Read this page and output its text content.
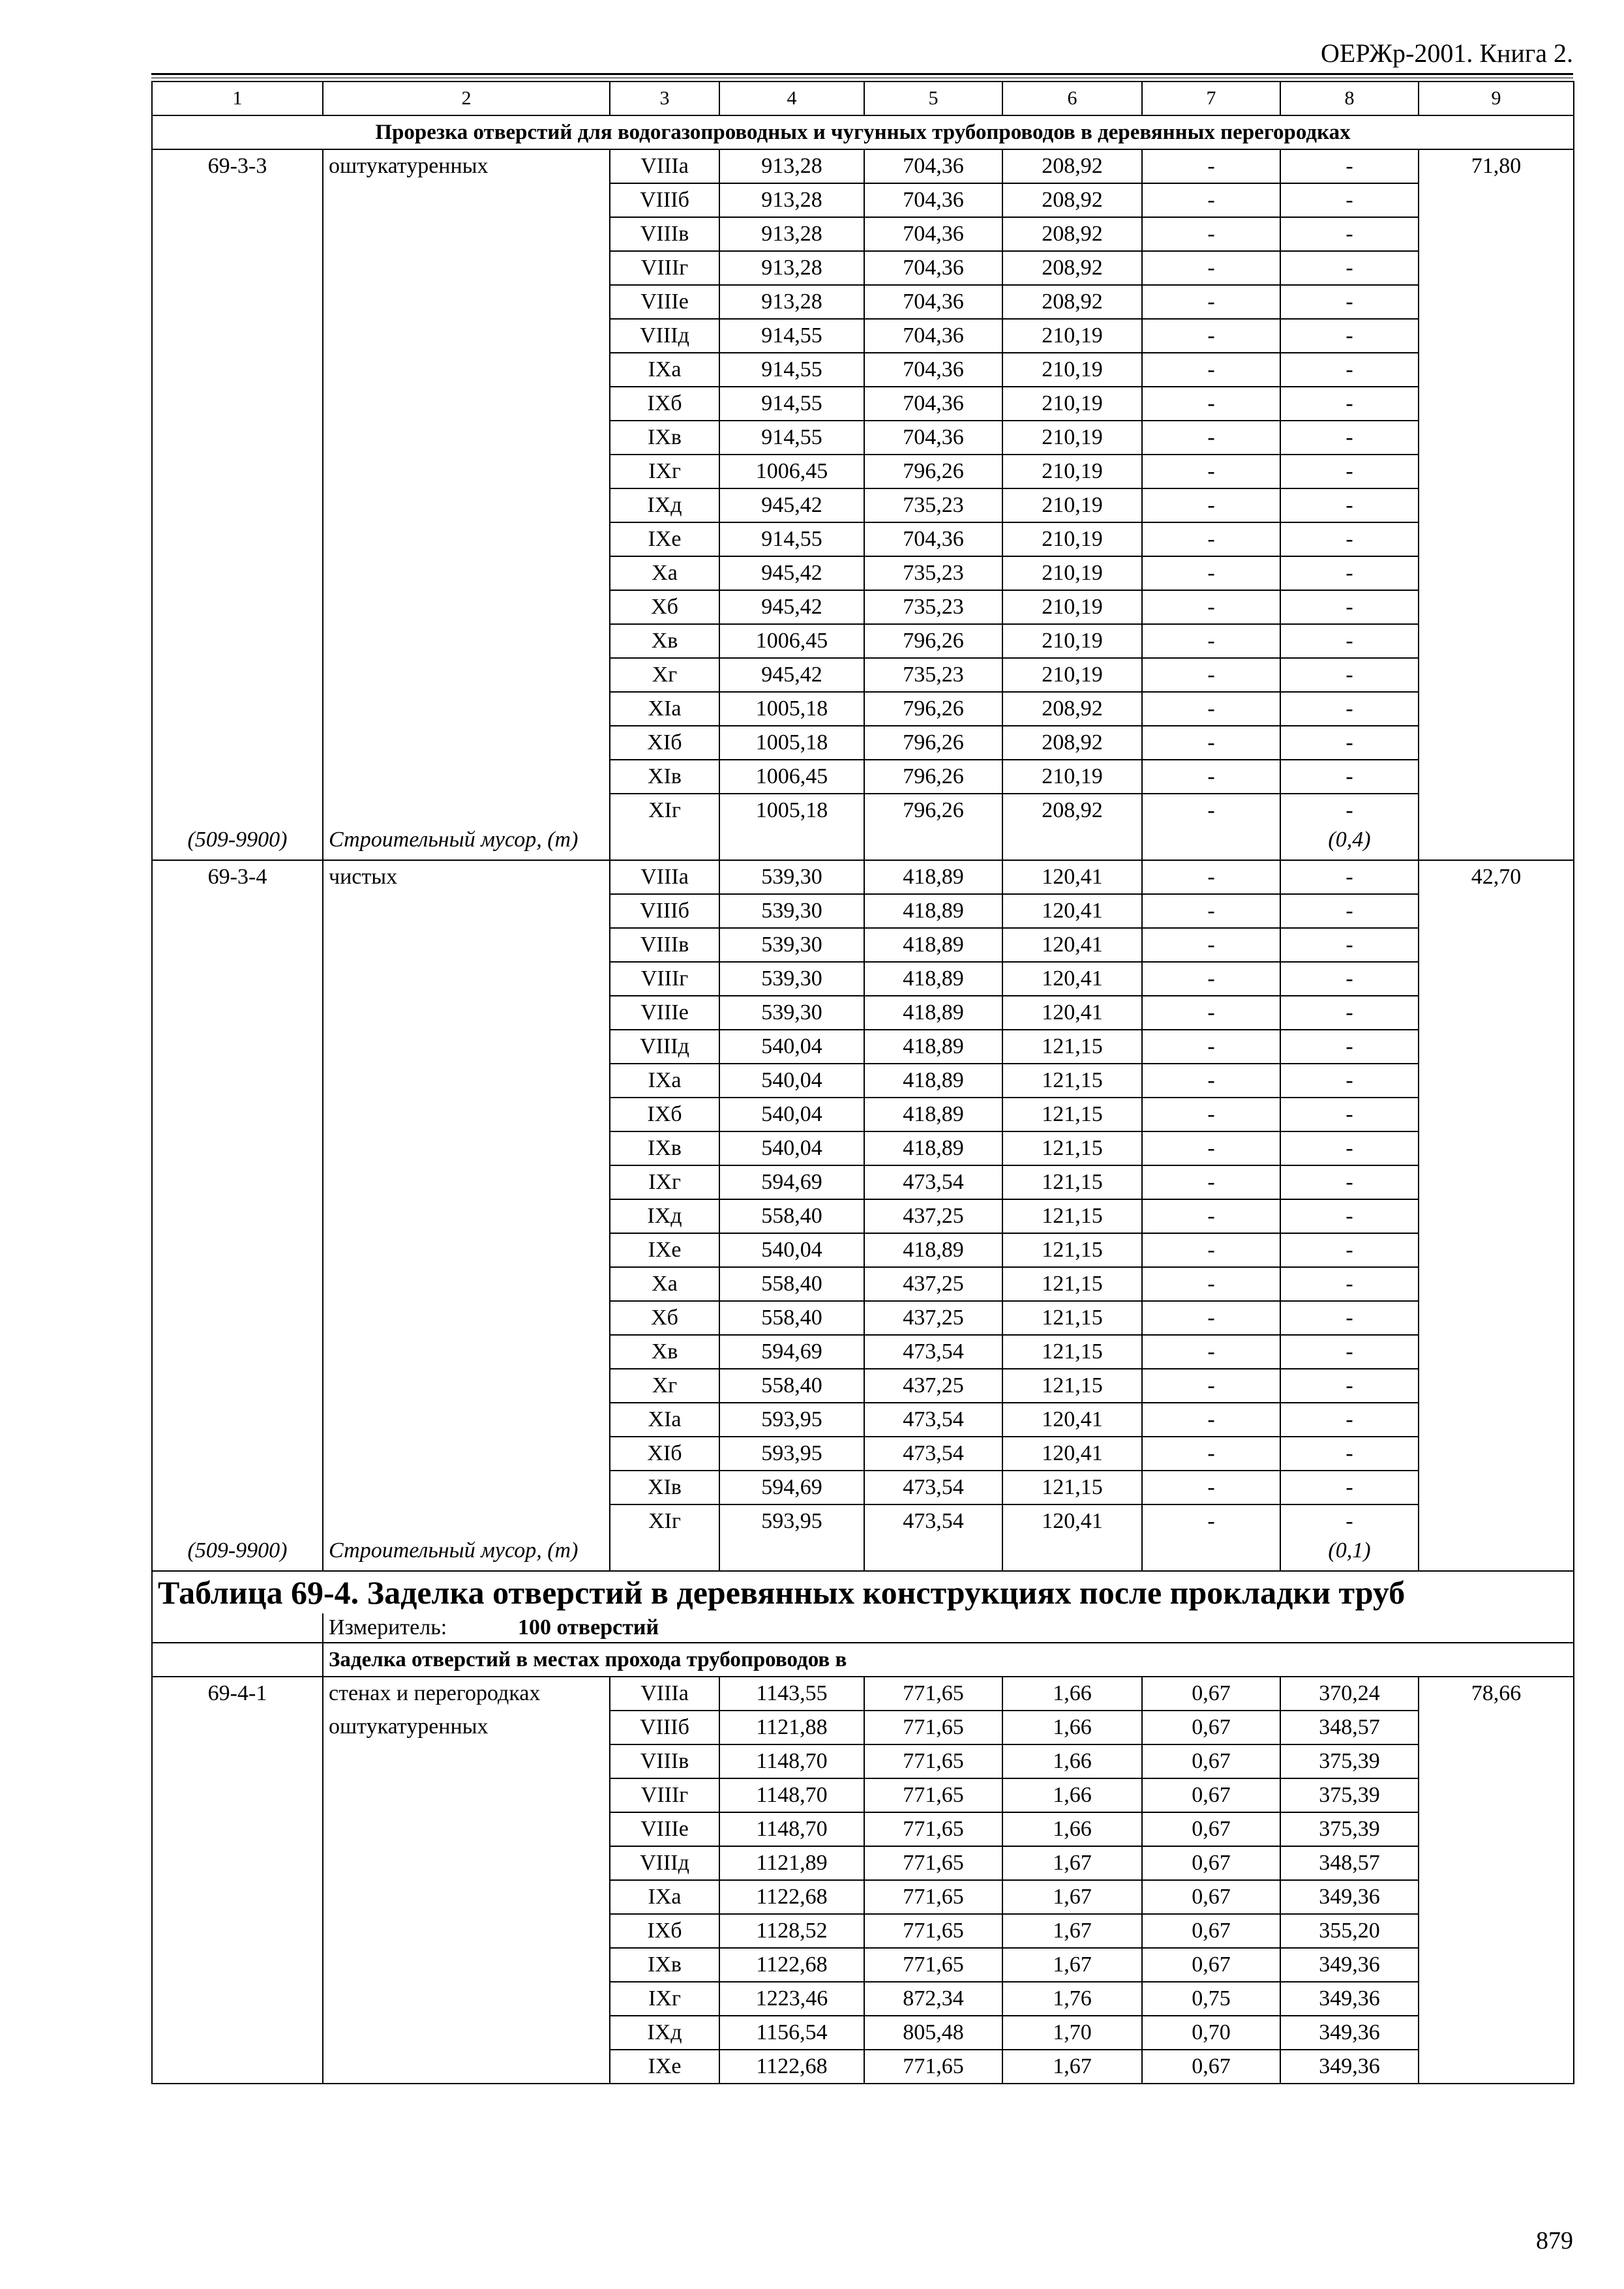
ОЕРЖр-2001. Книга 2.
1	2	3	4	5	6	7	8	9
Прорезка отверстий для водогазопроводных и чугунных трубопроводов в деревянных перегородках								
69-3-3	оштукатуренных	VIIIа	913,28	704,36	208,92	-	-	71,80
		VIIIб	913,28	704,36	208,92	-	-	
		VIIIв	913,28	704,36	208,92	-	-	
		VIIIг	913,28	704,36	208,92	-	-	
		VIIIе	913,28	704,36	208,92	-	-	
		VIIIд	914,55	704,36	210,19	-	-	
		IXа	914,55	704,36	210,19	-	-	
		IXб	914,55	704,36	210,19	-	-	
		IXв	914,55	704,36	210,19	-	-	
		IXг	1006,45	796,26	210,19	-	-	
		IXд	945,42	735,23	210,19	-	-	
		IXе	914,55	704,36	210,19	-	-	
		Xа	945,42	735,23	210,19	-	-	
		Xб	945,42	735,23	210,19	-	-	
		Xв	1006,45	796,26	210,19	-	-	
		Xг	945,42	735,23	210,19	-	-	
		XIа	1005,18	796,26	208,92	-	-	
		XIб	1005,18	796,26	208,92	-	-	
		XIв	1006,45	796,26	210,19	-	-	
		XIг	1005,18	796,26	208,92	-	-	
(509-9900)	Строительный мусор, (т)						(0,4)	
69-3-4	чистых	VIIIа	539,30	418,89	120,41	-	-	42,70
		VIIIб	539,30	418,89	120,41	-	-	
		VIIIв	539,30	418,89	120,41	-	-	
		VIIIг	539,30	418,89	120,41	-	-	
		VIIIе	539,30	418,89	120,41	-	-	
		VIIIд	540,04	418,89	121,15	-	-	
		IXа	540,04	418,89	121,15	-	-	
		IXб	540,04	418,89	121,15	-	-	
		IXв	540,04	418,89	121,15	-	-	
		IXг	594,69	473,54	121,15	-	-	
		IXд	558,40	437,25	121,15	-	-	
		IXе	540,04	418,89	121,15	-	-	
		Xа	558,40	437,25	121,15	-	-	
		Xб	558,40	437,25	121,15	-	-	
		Xв	594,69	473,54	121,15	-	-	
		Xг	558,40	437,25	121,15	-	-	
		XIа	593,95	473,54	120,41	-	-	
		XIб	593,95	473,54	120,41	-	-	
		XIв	594,69	473,54	121,15	-	-	
		XIг	593,95	473,54	120,41	-	-	
(509-9900)	Строительный мусор, (т)						(0,1)	
Таблица 69-4. Заделка отверстий в деревянных конструкциях после прокладки труб								
	Измеритель: 100 отверстий							
	Заделка отверстий в местах прохода трубопроводов в							
69-4-1	стенах и перегородках	VIIIа	1143,55	771,65	1,66	0,67	370,24	78,66
	оштукатуренных	VIIIб	1121,88	771,65	1,66	0,67	348,57	
		VIIIв	1148,70	771,65	1,66	0,67	375,39	
		VIIIг	1148,70	771,65	1,66	0,67	375,39	
		VIIIе	1148,70	771,65	1,66	0,67	375,39	
		VIIIд	1121,89	771,65	1,67	0,67	348,57	
		IXа	1122,68	771,65	1,67	0,67	349,36	
		IXб	1128,52	771,65	1,67	0,67	355,20	
		IXв	1122,68	771,65	1,67	0,67	349,36	
		IXг	1223,46	872,34	1,76	0,75	349,36	
		IXд	1156,54	805,48	1,70	0,70	349,36	
		IXе	1122,68	771,65	1,67	0,67	349,36	
879
